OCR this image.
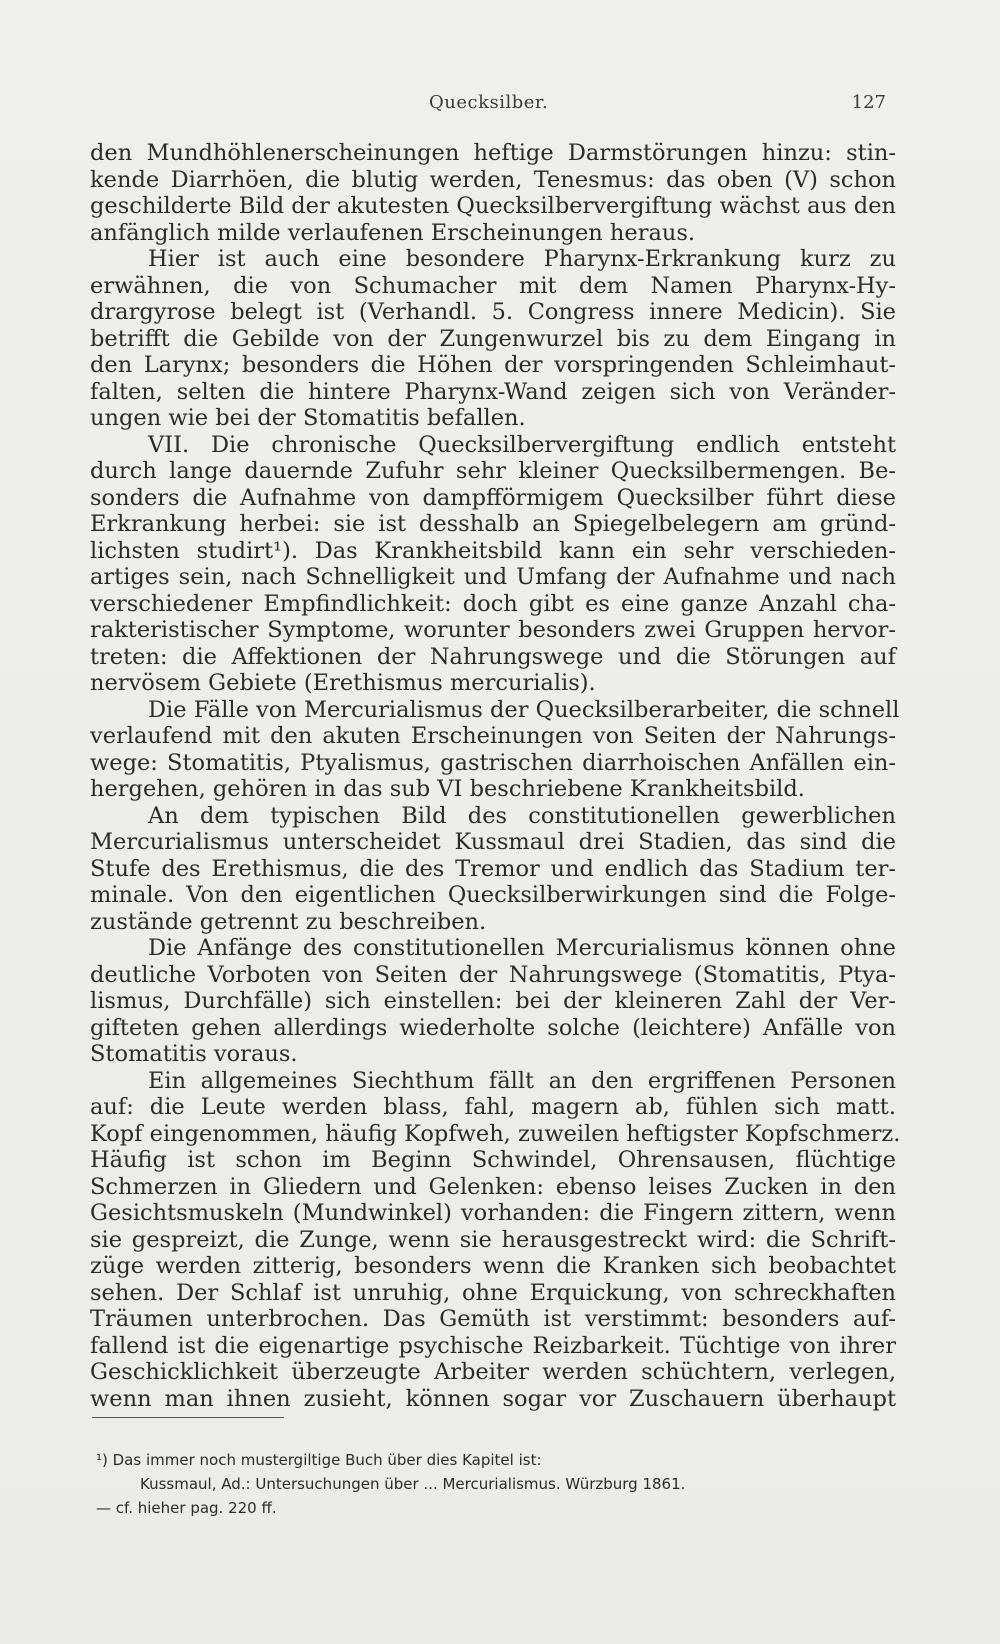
Quecksilber.	127
den Mundhöhlenerscheinungen heftige Darmstörungen hinzu: stin-
kende Diarrhöen, die blutig werden, Tenesmus: das oben (V) schon
geschilderte Bild der akutesten Quecksilbervergiftung wächst aus den
anfänglich milde verlaufenen Erscheinungen heraus.
Hier ist auch eine besondere Pharynx-Erkrankung kurz zu
erwähnen, die von Schumacher mit dem Namen Pharynx-Hy-
drargyrose belegt ist (Verhandl. 5. Congress innere Medicin). Sie
betrifft die Gebilde von der Zungenwurzel bis zu dem Eingang in
den Larynx; besonders die Höhen der vorspringenden Schleimhaut-
falten, selten die hintere Pharynx-Wand zeigen sich von Veränder-
ungen wie bei der Stomatitis befallen.
VII. Die chronische Quecksilbervergiftung endlich entsteht
durch lange dauernde Zufuhr sehr kleiner Quecksilbermengen. Be-
sonders die Aufnahme von dampfförmigem Quecksilber führt diese
Erkrankung herbei: sie ist desshalb an Spiegelbelegern am gründ-
lichsten studirt¹). Das Krankheitsbild kann ein sehr verschieden-
artiges sein, nach Schnelligkeit und Umfang der Aufnahme und nach
verschiedener Empfindlichkeit: doch gibt es eine ganze Anzahl cha-
rakteristischer Symptome, worunter besonders zwei Gruppen hervor-
treten: die Affektionen der Nahrungswege und die Störungen auf
nervösem Gebiete (Erethismus mercurialis).
Die Fälle von Mercurialismus der Quecksilberarbeiter, die schnell
verlaufend mit den akuten Erscheinungen von Seiten der Nahrungs-
wege: Stomatitis, Ptyalismus, gastrischen diarrhoischen Anfällen ein-
hergehen, gehören in das sub VI beschriebene Krankheitsbild.
An dem typischen Bild des constitutionellen gewerblichen
Mercurialismus unterscheidet Kussmaul drei Stadien, das sind die
Stufe des Erethismus, die des Tremor und endlich das Stadium ter-
minale. Von den eigentlichen Quecksilberwirkungen sind die Folge-
zustände getrennt zu beschreiben.
Die Anfänge des constitutionellen Mercurialismus können ohne
deutliche Vorboten von Seiten der Nahrungswege (Stomatitis, Ptya-
lismus, Durchfälle) sich einstellen: bei der kleineren Zahl der Ver-
gifteten gehen allerdings wiederholte solche (leichtere) Anfälle von
Stomatitis voraus.
Ein allgemeines Siechthum fällt an den ergriffenen Personen
auf: die Leute werden blass, fahl, magern ab, fühlen sich matt.
Kopf eingenommen, häufig Kopfweh, zuweilen heftigster Kopfschmerz.
Häufig ist schon im Beginn Schwindel, Ohrensausen, flüchtige
Schmerzen in Gliedern und Gelenken: ebenso leises Zucken in den
Gesichtsmuskeln (Mundwinkel) vorhanden: die Fingern zittern, wenn
sie gespreizt, die Zunge, wenn sie herausgestreckt wird: die Schrift-
züge werden zitterig, besonders wenn die Kranken sich beobachtet
sehen. Der Schlaf ist unruhig, ohne Erquickung, von schreckhaften
Träumen unterbrochen. Das Gemüth ist verstimmt: besonders auf-
fallend ist die eigenartige psychische Reizbarkeit. Tüchtige von ihrer
Geschicklichkeit überzeugte Arbeiter werden schüchtern, verlegen,
wenn man ihnen zusieht, können sogar vor Zuschauern überhaupt
¹) Das immer noch mustergiltige Buch über dies Kapitel ist:
Kussmaul, Ad.: Untersuchungen über ... Mercurialismus. Würzburg 1861.
— cf. hieher pag. 220 ff.
